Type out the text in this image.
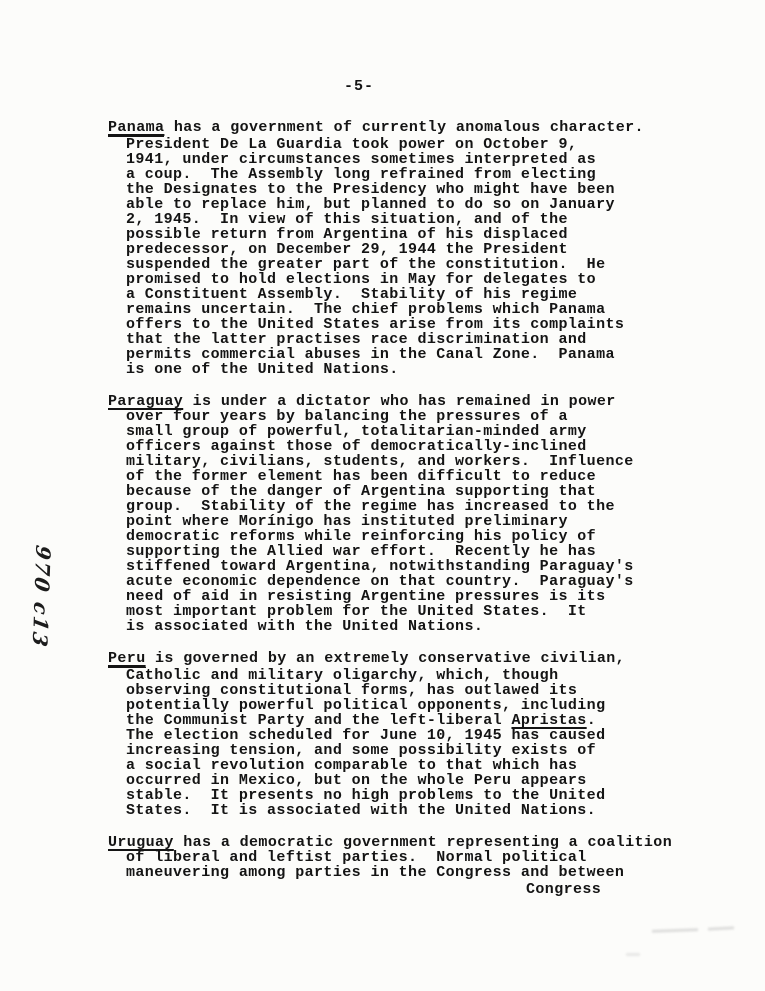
-5-
970 c13
Panama has a government of currently anomalous character.
President De La Guardia took power on October 9,
1941, under circumstances sometimes interpreted as
a coup.  The Assembly long refrained from electing
the Designates to the Presidency who might have been
able to replace him, but planned to do so on January
2, 1945.  In view of this situation, and of the
possible return from Argentina of his displaced
predecessor, on December 29, 1944 the President
suspended the greater part of the constitution.  He
promised to hold elections in May for delegates to
a Constituent Assembly.  Stability of his regime
remains uncertain.  The chief problems which Panama
offers to the United States arise from its complaints
that the latter practises race discrimination and
permits commercial abuses in the Canal Zone.  Panama
is one of the United Nations.
Paraguay is under a dictator who has remained in power
over four years by balancing the pressures of a
small group of powerful, totalitarian-minded army
officers against those of democratically-inclined
military, civilians, students, and workers.  Influence
of the former element has been difficult to reduce
because of the danger of Argentina supporting that
group.  Stability of the regime has increased to the
point where Morínigo has instituted preliminary
democratic reforms while reinforcing his policy of
supporting the Allied war effort.  Recently he has
stiffened toward Argentina, notwithstanding Paraguay's
acute economic dependence on that country.  Paraguay's
need of aid in resisting Argentine pressures is its
most important problem for the United States.  It
is associated with the United Nations.
Peru is governed by an extremely conservative civilian,
Catholic and military oligarchy, which, though
observing constitutional forms, has outlawed its
potentially powerful political opponents, including
the Communist Party and the left-liberal Apristas.
The election scheduled for June 10, 1945 has caused
increasing tension, and some possibility exists of
a social revolution comparable to that which has
occurred in Mexico, but on the whole Peru appears
stable.  It presents no high problems to the United
States.  It is associated with the United Nations.
Uruguay has a democratic government representing a coalition
of liberal and leftist parties.  Normal political
maneuvering among parties in the Congress and between
Congress
